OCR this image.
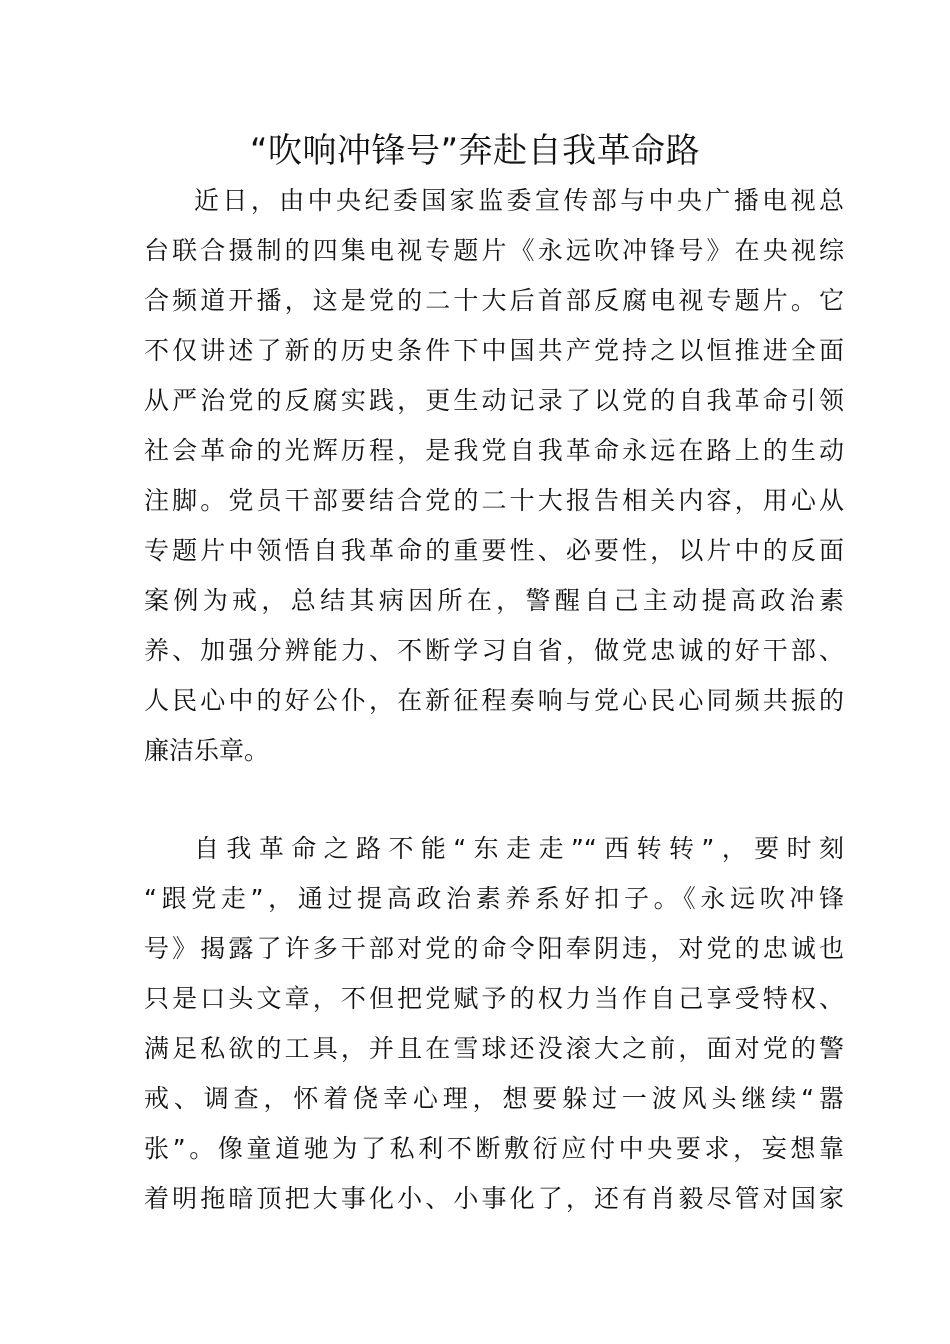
“吹响冲锋号”奔赴自我革命路
近日，由中央纪委国家监委宣传部与中央广播电视总
台联合摄制的四集电视专题片《永远吹冲锋号》在央视综
合频道开播，这是党的二十大后首部反腐电视专题片。它
不仅讲述了新的历史条件下中国共产党持之以恒推进全面
从严治党的反腐实践，更生动记录了以党的自我革命引领
社会革命的光辉历程，是我党自我革命永远在路上的生动
注脚。党员干部要结合党的二十大报告相关内容，用心从
专题片中领悟自我革命的重要性、必要性，以片中的反面
案例为戒，总结其病因所在，警醒自己主动提高政治素
养、加强分辨能力、不断学习自省，做党忠诚的好干部、
人民心中的好公仆，在新征程奏响与党心民心同频共振的
廉洁乐章。
自我革命之路不能“东走走”“西转转”，要时刻
“跟党走”，通过提高政治素养系好扣子。《永远吹冲锋
号》揭露了许多干部对党的命令阳奉阴违，对党的忠诚也
只是口头文章，不但把党赋予的权力当作自己享受特权、
满足私欲的工具，并且在雪球还没滚大之前，面对党的警
戒、调查，怀着侥幸心理，想要躲过一波风头继续“嚣
张”。像童道驰为了私利不断敷衍应付中央要求，妄想靠
着明拖暗顶把大事化小、小事化了，还有肖毅尽管对国家
